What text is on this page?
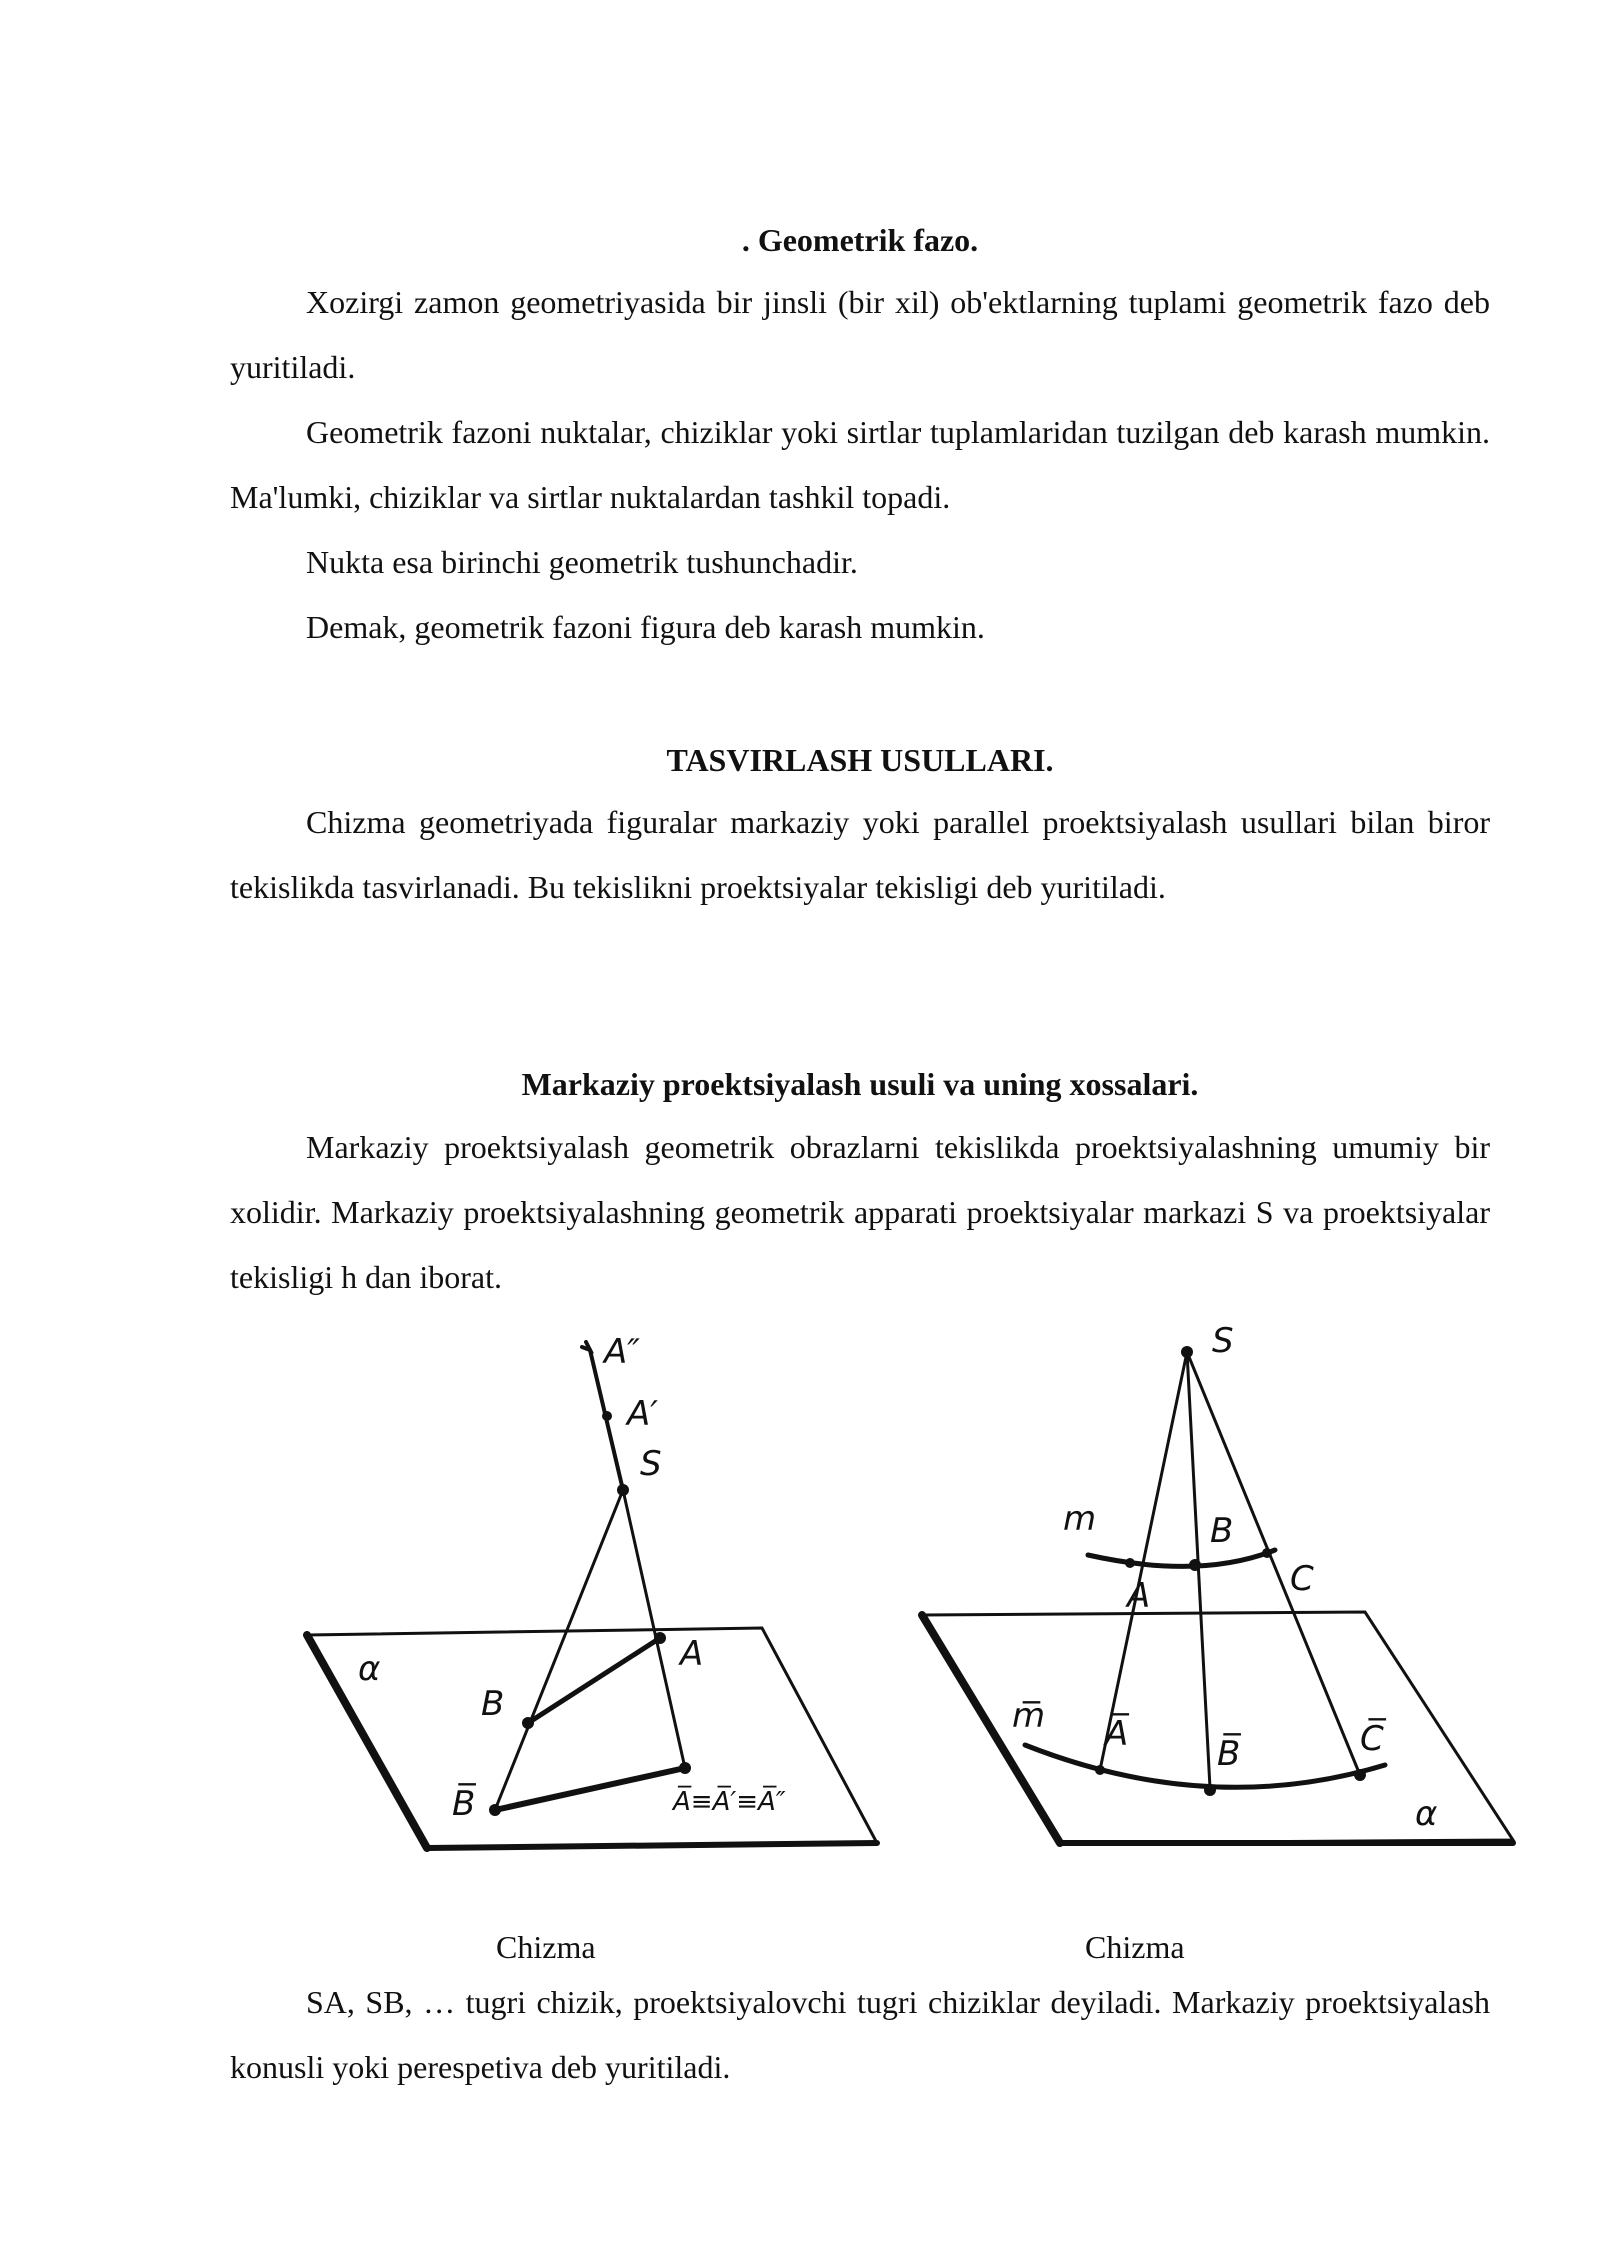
. Geometrik fazo.

Xozirgi zamon geometriyasida bir jinsli (bir xil) ob'ektlarning tuplami geometrik fazo deb yuritiladi.

Geometrik fazoni nuktalar, chiziklar yoki sirtlar tuplamlaridan tuzilgan deb karash mumkin. Ma'lumki, chiziklar va sirtlar nuktalardan tashkil topadi.

Nukta esa birinchi geometrik tushunchadir.

Demak, geometrik fazoni figura deb karash mumkin.

TASVIRLASH USULLARI.

Chizma geometriyada figuralar markaziy yoki parallel proektsiyalash usullari bilan biror tekislikda tasvirlanadi. Bu tekislikni proektsiyalar tekisligi deb yuritiladi.

Markaziy proektsiyalash usuli va uning xossalari.

Markaziy proektsiyalash geometrik obrazlarni tekislikda proektsiyalashning umumiy bir xolidir. Markaziy proektsiyalashning geometrik apparati proektsiyalar markazi S va proektsiyalar tekisligi h dan iborat.

A″
A′
S
α	A
B
B̅	A̅≡A̅′≡A̅″
S
m	B
C
A
m̅ A̅	B̅	C̅
α

Chizma	Chizma

SA, SB, … tugri chizik, proektsiyalovchi tugri chiziklar deyiladi. Markaziy proektsiyalash konusli yoki perespetiva deb yuritiladi.
